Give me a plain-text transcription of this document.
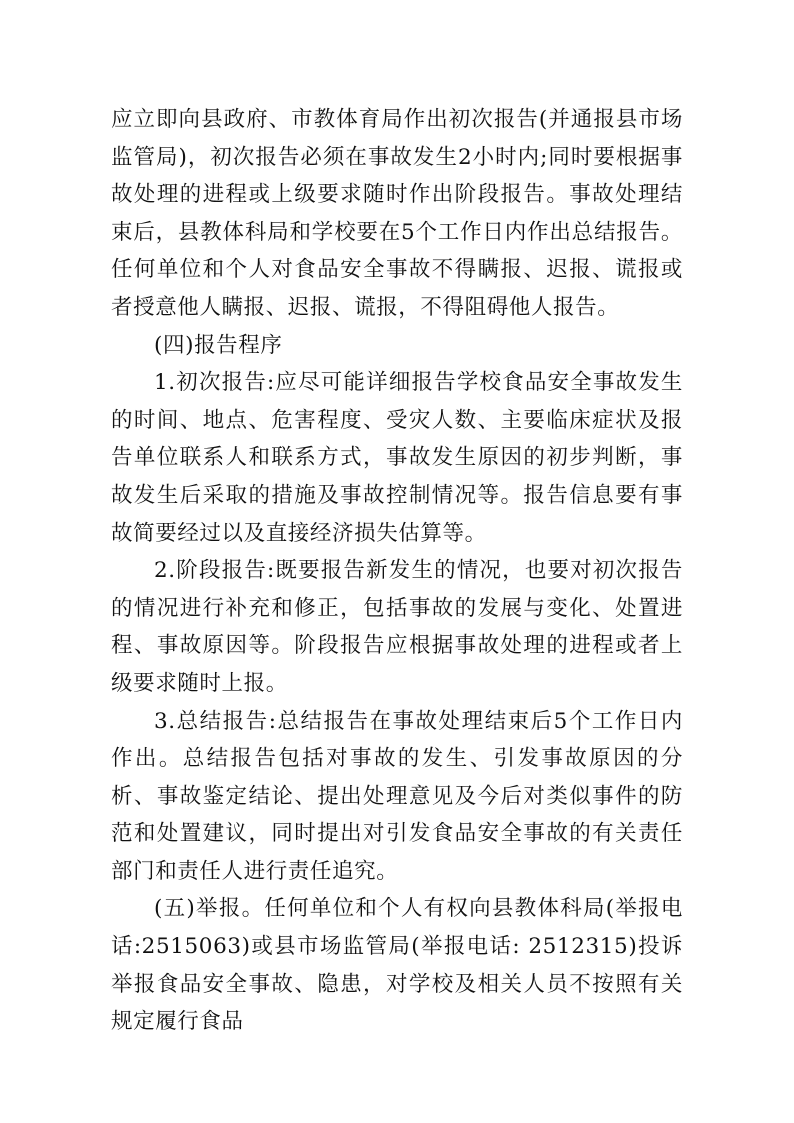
应立即向县政府、市教体育局作出初次报告(并通报县市场监管局)，初次报告必须在事故发生2小时内;同时要根据事故处理的进程或上级要求随时作出阶段报告。事故处理结束后，县教体科局和学校要在5个工作日内作出总结报告。任何单位和个人对食品安全事故不得瞒报、迟报、谎报或者授意他人瞒报、迟报、谎报，不得阻碍他人报告。

(四)报告程序

1.初次报告:应尽可能详细报告学校食品安全事故发生的时间、地点、危害程度、受灾人数、主要临床症状及报告单位联系人和联系方式，事故发生原因的初步判断，事故发生后采取的措施及事故控制情况等。报告信息要有事故简要经过以及直接经济损失估算等。

2.阶段报告:既要报告新发生的情况，也要对初次报告的情况进行补充和修正，包括事故的发展与变化、处置进程、事故原因等。阶段报告应根据事故处理的进程或者上级要求随时上报。

3.总结报告:总结报告在事故处理结束后5个工作日内作出。总结报告包括对事故的发生、引发事故原因的分析、事故鉴定结论、提出处理意见及今后对类似事件的防范和处置建议，同时提出对引发食品安全事故的有关责任部门和责任人进行责任追究。

(五)举报。任何单位和个人有权向县教体科局(举报电话:2515063)或县市场监管局(举报电话: 2512315)投诉举报食品安全事故、隐患，对学校及相关人员不按照有关规定履行食品
